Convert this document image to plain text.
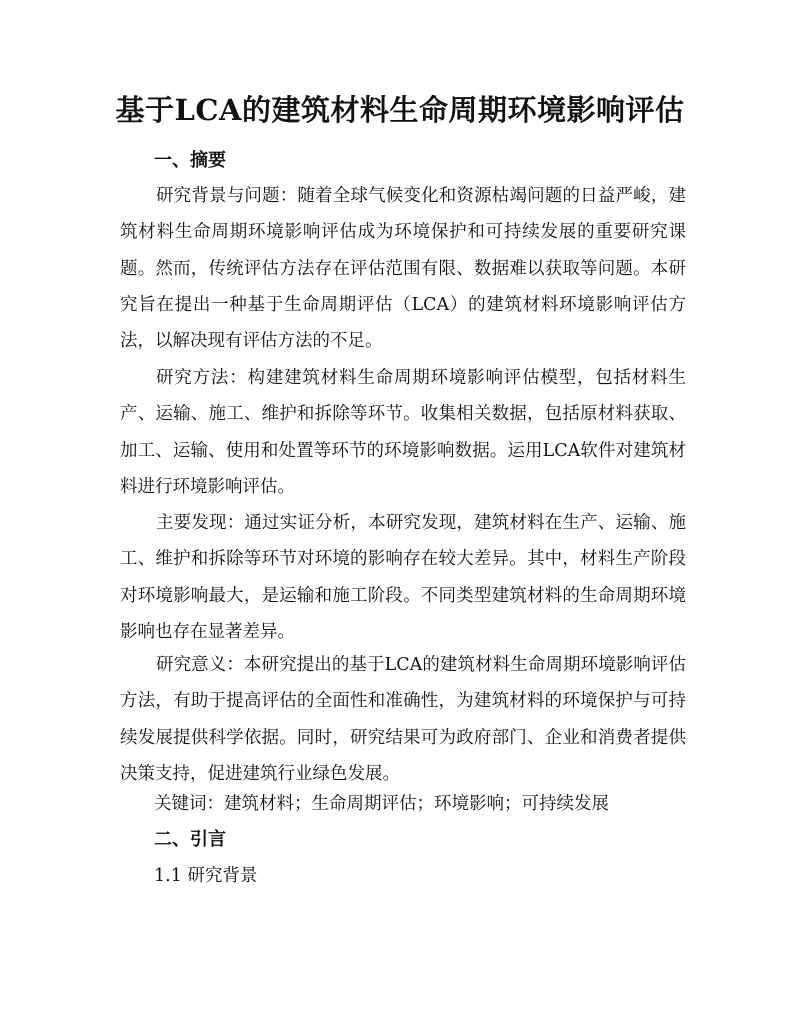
基于LCA的建筑材料生命周期环境影响评估
一、摘要

研究背景与问题：随着全球气候变化和资源枯竭问题的日益严峻，建筑材料生命周期环境影响评估成为环境保护和可持续发展的重要研究课题。然而，传统评估方法存在评估范围有限、数据难以获取等问题。本研究旨在提出一种基于生命周期评估（LCA）的建筑材料环境影响评估方法，以解决现有评估方法的不足。

研究方法：构建建筑材料生命周期环境影响评估模型，包括材料生产、运输、施工、维护和拆除等环节。收集相关数据，包括原材料获取、加工、运输、使用和处置等环节的环境影响数据。运用LCA软件对建筑材料进行环境影响评估。

主要发现：通过实证分析，本研究发现，建筑材料在生产、运输、施工、维护和拆除等环节对环境的影响存在较大差异。其中，材料生产阶段对环境影响最大，是运输和施工阶段。不同类型建筑材料的生命周期环境影响也存在显著差异。

研究意义：本研究提出的基于LCA的建筑材料生命周期环境影响评估方法，有助于提高评估的全面性和准确性，为建筑材料的环境保护与可持续发展提供科学依据。同时，研究结果可为政府部门、企业和消费者提供决策支持，促进建筑行业绿色发展。

关键词：建筑材料；生命周期评估；环境影响；可持续发展

二、引言

1.1 研究背景
